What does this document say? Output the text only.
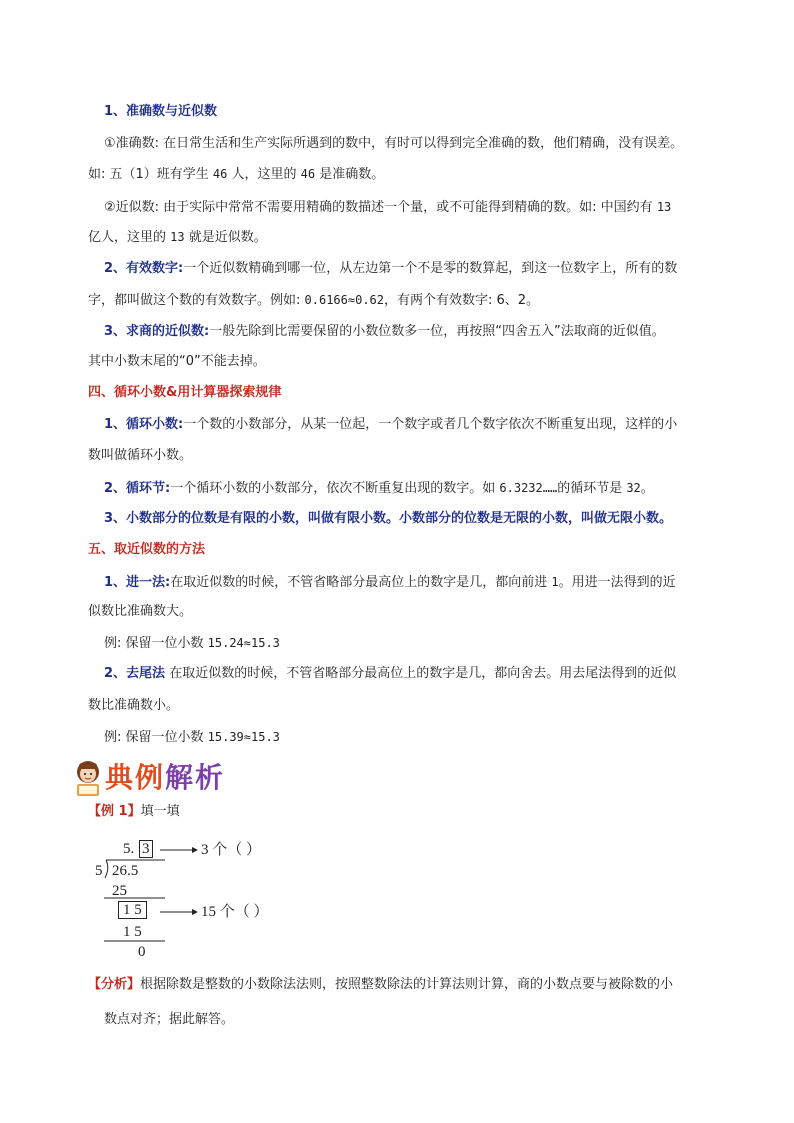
1、准确数与近似数
①准确数: 在日常生活和生产实际所遇到的数中，有时可以得到完全准确的数，他们精确，没有误差。
如: 五（1）班有学生 46 人，这里的 46 是准确数。
②近似数: 由于实际中常常不需要用精确的数描述一个量，或不可能得到精确的数。如: 中国约有 13
亿人，这里的 13 就是近似数。
2、有效数字:一个近似数精确到哪一位，从左边第一个不是零的数算起，到这一位数字上，所有的数
字，都叫做这个数的有效数字。例如: 0.6166≈0.62，有两个有效数字: 6、2。
3、求商的近似数:一般先除到比需要保留的小数位数多一位，再按照“四舍五入”法取商的近似值。
其中小数末尾的“0”不能去掉。
四、循环小数&用计算器探索规律
1、循环小数:一个数的小数部分，从某一位起，一个数字或者几个数字依次不断重复出现，这样的小
数叫做循环小数。
2、循环节:一个循环小数的小数部分，依次不断重复出现的数字。如 6.3232……的循环节是 32。
3、小数部分的位数是有限的小数，叫做有限小数。小数部分的位数是无限的小数，叫做无限小数。
五、取近似数的方法
1、进一法:在取近似数的时候，不管省略部分最高位上的数字是几，都向前进 1。用进一法得到的近
似数比准确数大。
例: 保留一位小数 15.24≈15.3
2、去尾法 在取近似数的时候，不管省略部分最高位上的数字是几，都向舍去。用去尾法得到的近似
数比准确数小。
例: 保留一位小数 15.39≈15.3
典例解析
【例 1】填一填
5. 3
5 26.5
25
1 5
1 5
0
3 个（ ）
15 个（ ）
【分析】根据除数是整数的小数除法法则，按照整数除法的计算法则计算，商的小数点要与被除数的小
数点对齐；据此解答。
